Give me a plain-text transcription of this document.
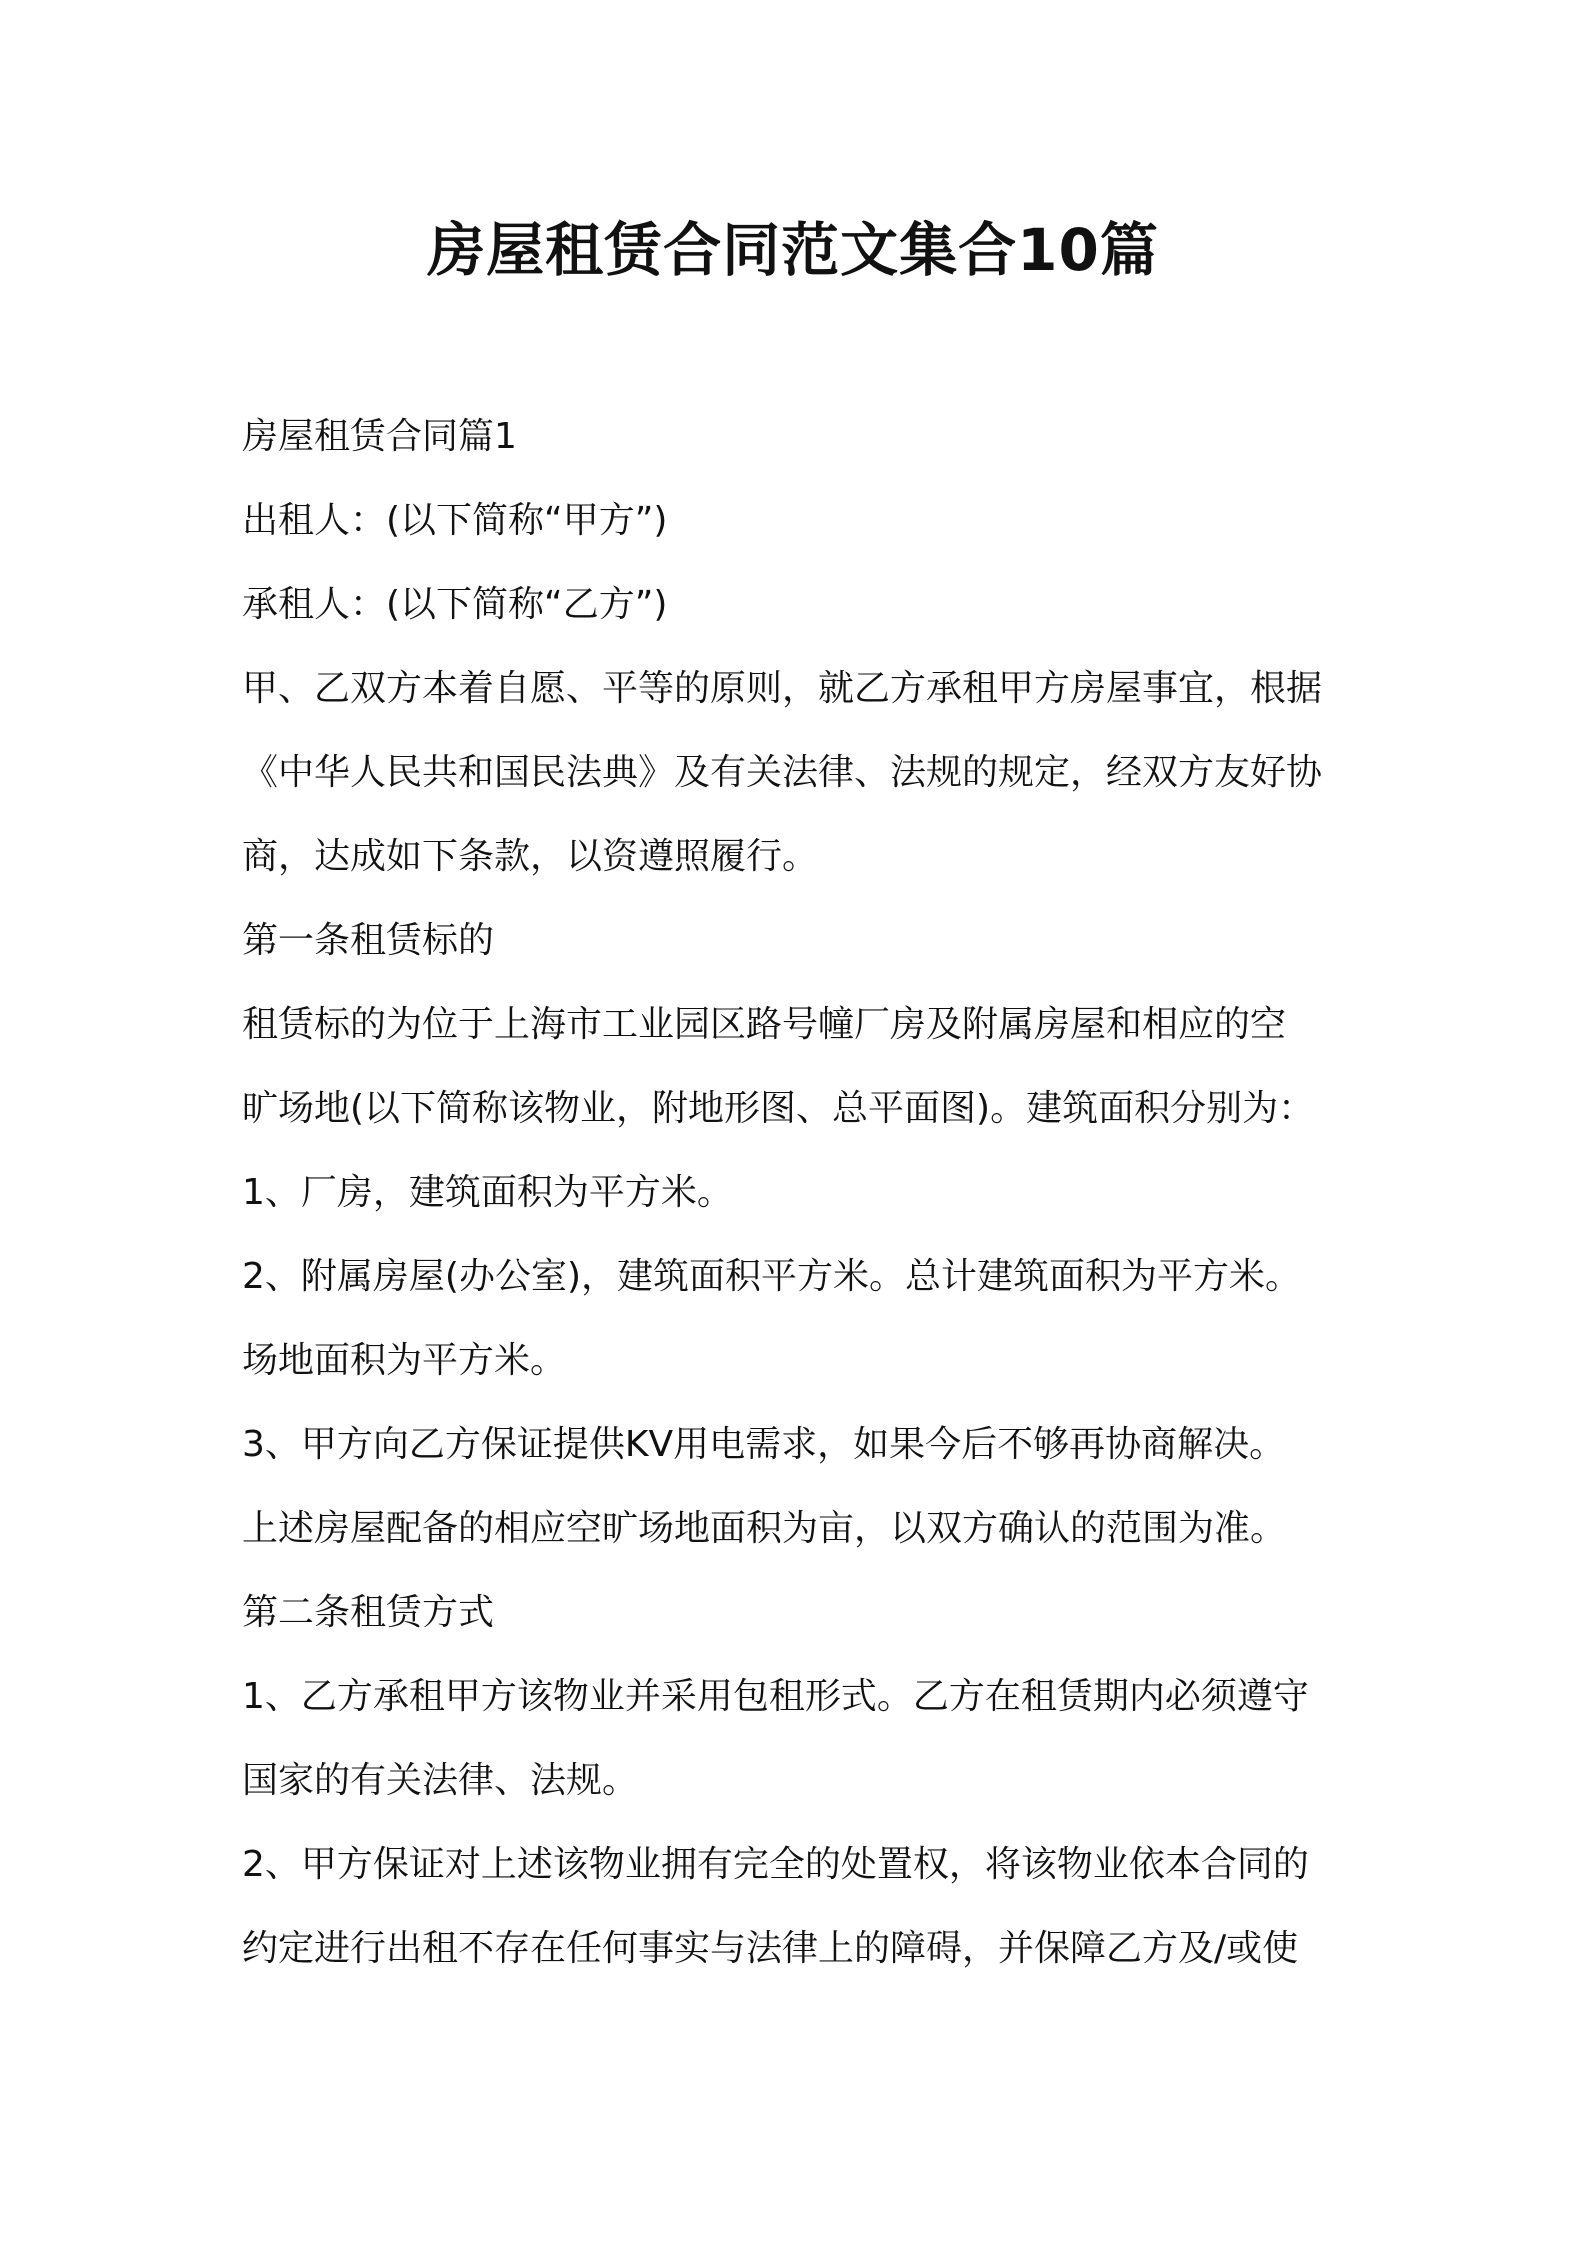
房屋租赁合同范文集合10篇
房屋租赁合同篇1
出租人：(以下简称“甲方”)
承租人：(以下简称“乙方”)
甲、乙双方本着自愿、平等的原则，就乙方承租甲方房屋事宜，根据
《中华人民共和国民法典》及有关法律、法规的规定，经双方友好协
商，达成如下条款，以资遵照履行。
第一条租赁标的
租赁标的为位于上海市工业园区路号幢厂房及附属房屋和相应的空
旷场地(以下简称该物业，附地形图、总平面图)。建筑面积分别为：
1、厂房，建筑面积为平方米。
2、附属房屋(办公室)，建筑面积平方米。总计建筑面积为平方米。
场地面积为平方米。
3、甲方向乙方保证提供KV用电需求，如果今后不够再协商解决。
上述房屋配备的相应空旷场地面积为亩，以双方确认的范围为准。
第二条租赁方式
1、乙方承租甲方该物业并采用包租形式。乙方在租赁期内必须遵守
国家的有关法律、法规。
2、甲方保证对上述该物业拥有完全的处置权，将该物业依本合同的
约定进行出租不存在任何事实与法律上的障碍，并保障乙方及/或使
